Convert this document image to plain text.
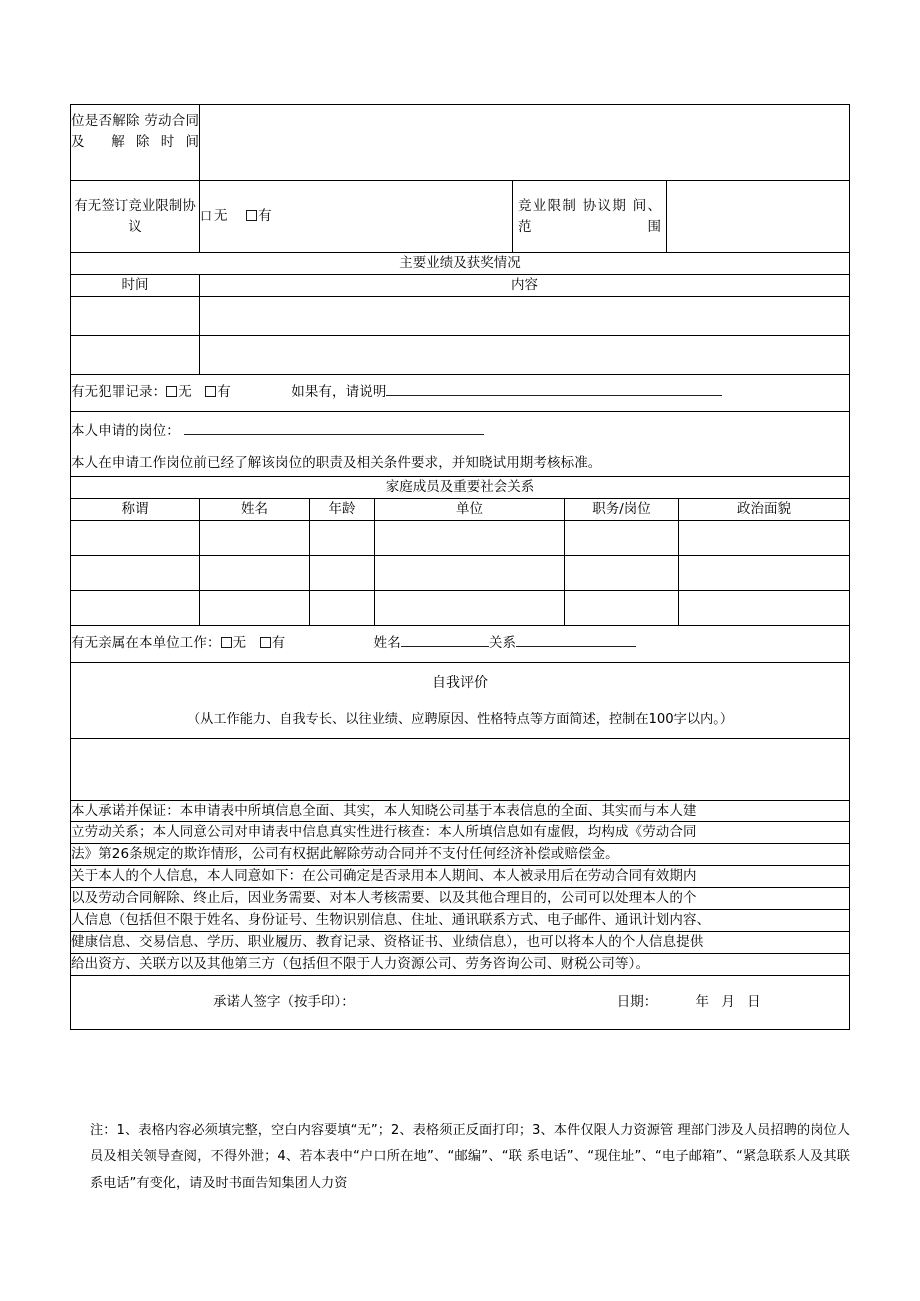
位是否解除 劳动合同及 解除时间			
有无签订竞业限制协议	口 无 有	竞业限制 协议期 间、范围	
主要业绩及获奖情况			
时间	内容		

有无犯罪记录： 无 有 如果有，请说明			

本人申请的岗位：
本人在申请工作岗位前已经了解该岗位的职责及相关条件要求，并知晓试用期考核标准。			

家庭成员及重要社会关系			
称谓	姓名	年龄	单位	职务/岗位	政治面貌

有无亲属在本单位工作： 无 有	姓名	关系

自我评价
（从工作能力、自我专长、以往业绩、应聘原因、性格特点等方面简述，控制在100字以内。）

本人承诺并保证：本申请表中所填信息全面、其实，本人知晓公司基于本表信息的全面、其实而与本人建
立劳动关系；本人同意公司对申请表中信息真实性进行核查：本人所填信息如有虚假，均构成《劳动合同
法》第26条规定的欺诈情形，公司有权据此解除劳动合同并不支付任何经济补偿或赔偿金。
关于本人的个人信息，本人同意如下：在公司确定是否录用本人期间、本人被录用后在劳动合同有效期内
以及劳动合同解除、终止后，因业务需要、对本人考核需要、以及其他合理目的，公司可以处理本人的个
人信息（包括但不限于姓名、身份证号、生物识别信息、住址、通讯联系方式、电子邮件、通讯计划内容、
健康信息、交易信息、学历、职业履历、教育记录、资格证书、业绩信息），也可以将本人的个人信息提供
给出资方、关联方以及其他第三方（包括但不限于人力资源公司、劳务咨询公司、财税公司等）。

承诺人签字（按手印）：	日期：	年 月 日

注：1、表格内容必须填完整，空白内容要填“无”；2、表格须正反面打印；3、本件仅限人力资源管 理部门涉及人员招聘的岗位人员及相关领导查阅，不得外泄；4、若本表中“户口所在地”、“邮编”、“联 系电话”、“现住址”、“电子邮箱”、“紧急联系人及其联系电话”有变化，请及时书面告知集团人力资
